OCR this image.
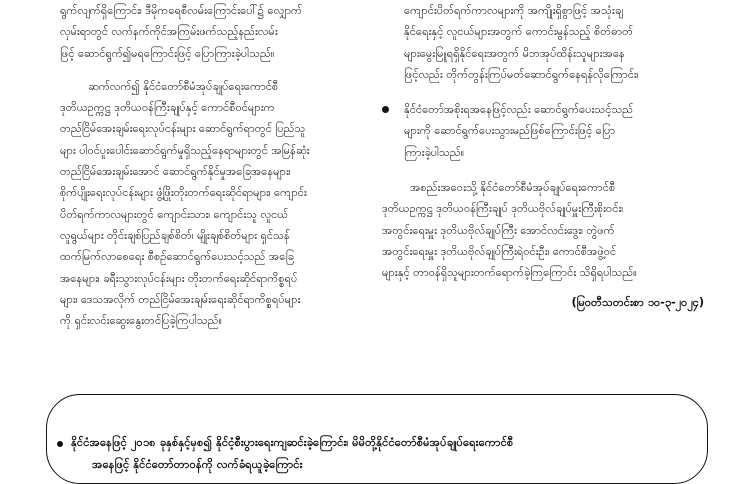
ရွက်လျက်ရှိကြောင်း၊ ဒီမိုကရေစီလမ်းကြောင်းပေါ်၌ လျှောက်
လှမ်းရာတွင် လက်နက်ကိုင်အကြမ်းဖက်သည့်နည်းလမ်း
ဖြင့် ဆောင်ရွက်၍မရကြောင်းဖြင့် ပြောကြားခဲ့ပါသည်။
ဆက်လက်၍ နိုင်ငံတော်စီမံအုပ်ချုပ်ရေးကောင်စီ
ဒုတိယဥက္ကဋ္ဌ ဒုတိယဝန်ကြီးချုပ်နှင့် ကောင်စီဝင်များက
တည်ငြိမ်အေးချမ်းရေးလုပ်ငန်းများ ဆောင်ရွက်ရာတွင် ပြည်သူ
များ ပါဝင်ပူးပေါင်းဆောင်ရွက်မှုရှိသည့်နေရာများတွင် အမြန်ဆုံး
တည်ငြိမ်အေးချမ်းအောင် ဆောင်ရွက်နိုင်မှုအခြေအနေများ၊
စိုက်ပျိုးရေးလုပ်ငန်းများ ဖွံ့ဖြိုးတိုးတက်ရေးဆိုင်ရာများ၊ ကျောင်း
ပိတ်ရက်ကာလများတွင် ကျောင်းသား၊ ကျောင်းသူ လူငယ်
လူရွယ်များ တိုင်းချစ်ပြည်ချစ်စိတ်၊ မျိုးချစ်စိတ်များ ရှင်သန်
ထက်မြက်လာစေရေး စီစဉ်ဆောင်ရွက်ပေးသင့်သည် အခြေ
အနေများ၊ ခရီးသွားလုပ်ငန်းများ တိုးတက်ရေးဆိုင်ရာကိစ္စရပ်
များ၊ ဒေသအလိုက် တည်ငြိမ်အေးချမ်းရေးဆိုင်ရာကိစ္စရပ်များ
ကို ရှင်းလင်းဆွေးနွေးတင်ပြခဲ့ကြပါသည်။
ကျောင်းပိတ်ရက်ကာလများကို အကျိုးရှိစွာဖြင့် အသုံးချ
နိုင်ရေးနှင့် လူငယ်များအတွက် ကောင်းမွန်သည့် စိတ်ဓာတ်
များမွေးမြူရရှိနိုင်ရေးအတွက် မိဘအုပ်ထိန်းသူများအနေ
ဖြင့်လည်း တိုက်တွန်းကြပ်မတ်ဆောင်ရွက်နေရန်လိုကြောင်း၊
နိုင်ငံတော်အစိုးရအနေဖြင့်လည်း ဆောင်ရွက်ပေးသင့်သည်
များကို ဆောင်ရွက်ပေးသွားမည်ဖြစ်ကြောင်းဖြင့် ပြော
ကြားခဲ့ပါသည်။
အစည်းအဝေးသို့ နိုင်ငံတော်စီမံအုပ်ချုပ်ရေးကောင်စီ
ဒုတိယဥက္ကဋ္ဌ ဒုတိယဝန်ကြီးချုပ် ဒုတိယဗိုလ်ချုပ်မှူးကြီးစိုးဝင်း၊
အတွင်းရေးမှူး ဒုတိယဗိုလ်ချုပ်ကြီး အောင်လင်းဒွေး၊ တွဲဖက်
အတွင်းရေးမှူး ဒုတိယဗိုလ်ချုပ်ကြီးရဲဝင်းဦး၊ ကောင်စီအဖွဲ့ဝင်
များနှင့် တာဝန်ရှိသူများတက်ရောက်ခဲ့ကြကြောင်း သိရှိရပါသည်။
(မြဝတီသတင်းစာ ၁၀-၃-၂၀၂၄)
နိုင်ငံအနေဖြင့် ၂၀၁၈ ခုနှစ်နှင့်မှစ၍ နိုင်ငံ့စီးပွားရေးကျဆင်းခဲ့ကြောင်း၊ မိမိတို့နိုင်ငံတော်စီမံအုပ်ချုပ်ရေးကောင်စီ
အနေဖြင့် နိုင်ငံတော်တာဝန်ကို လက်ခံရယူခဲ့ကြောင်း
